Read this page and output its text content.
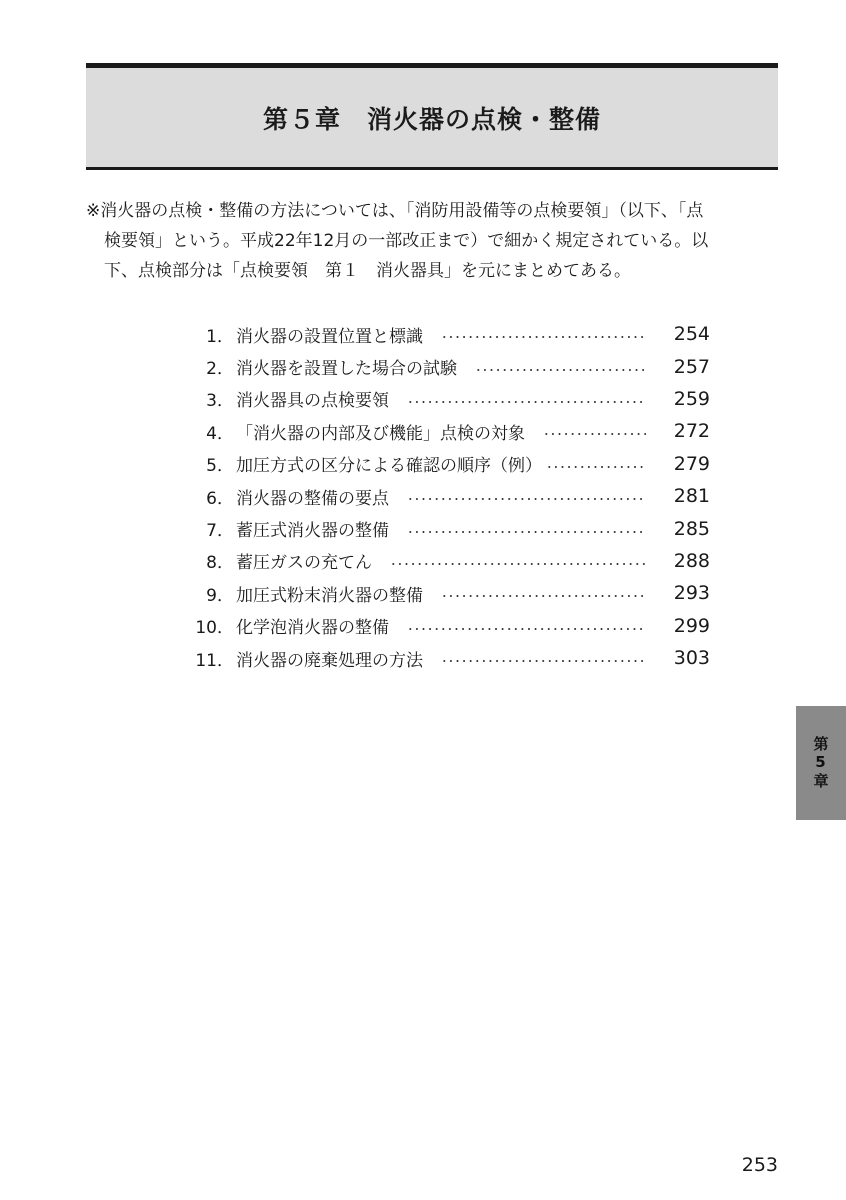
第５章　消火器の点検・整備
※消火器の点検・整備の方法については、「消防用設備等の点検要領」（以下、「点
検要領」という。平成22年12月の一部改正まで）で細かく規定されている。以
下、点検部分は「点検要領　第１　消火器具」を元にまとめてある。
1． 消火器の設置位置と標識	254
2． 消火器を設置した場合の試験	257
3． 消火器具の点検要領	259
4． 「消火器の内部及び機能」点検の対象	272
5． 加圧方式の区分による確認の順序（例）	279
6． 消火器の整備の要点	281
7． 蓄圧式消火器の整備	285
8． 蓄圧ガスの充てん	288
9． 加圧式粉末消火器の整備	293
10． 化学泡消火器の整備	299
11． 消火器の廃棄処理の方法	303
第5章
253
